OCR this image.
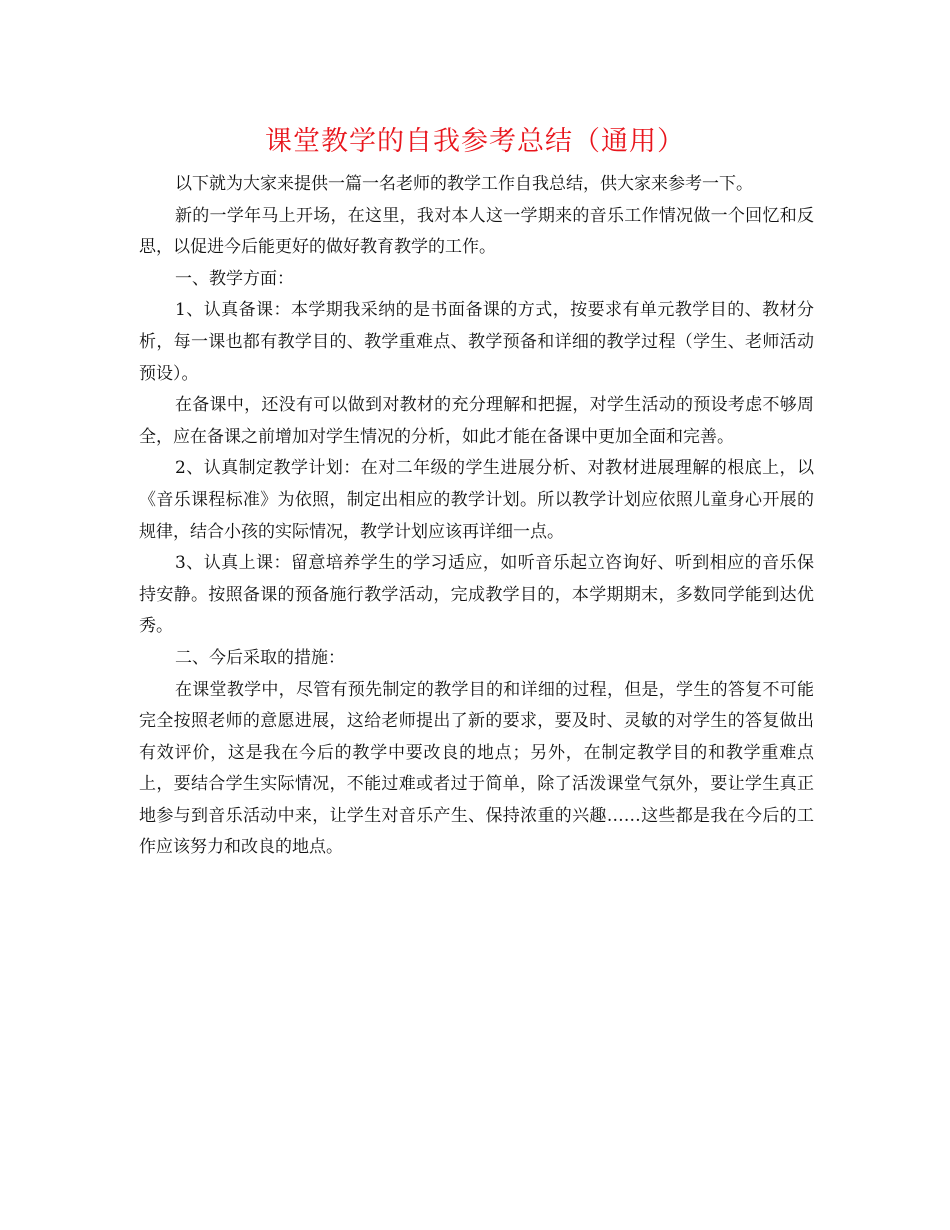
课堂教学的自我参考总结（通用）

以下就为大家来提供一篇一名老师的教学工作自我总结，供大家来参考一下。

新的一学年马上开场，在这里，我对本人这一学期来的音乐工作情况做一个回忆和反思，以促进今后能更好的做好教育教学的工作。

一、教学方面：

1、认真备课：本学期我采纳的是书面备课的方式，按要求有单元教学目的、教材分析，每一课也都有教学目的、教学重难点、教学预备和详细的教学过程（学生、老师活动预设）。

在备课中，还没有可以做到对教材的充分理解和把握，对学生活动的预设考虑不够周全，应在备课之前增加对学生情况的分析，如此才能在备课中更加全面和完善。

2、认真制定教学计划：在对二年级的学生进展分析、对教材进展理解的根底上，以《音乐课程标准》为依照，制定出相应的教学计划。所以教学计划应依照儿童身心开展的规律，结合小孩的实际情况，教学计划应该再详细一点。

3、认真上课：留意培养学生的学习适应，如听音乐起立咨询好、听到相应的音乐保持安静。按照备课的预备施行教学活动，完成教学目的，本学期期末，多数同学能到达优秀。

二、今后采取的措施：

在课堂教学中，尽管有预先制定的教学目的和详细的过程，但是，学生的答复不可能完全按照老师的意愿进展，这给老师提出了新的要求，要及时、灵敏的对学生的答复做出有效评价，这是我在今后的教学中要改良的地点；另外，在制定教学目的和教学重难点上，要结合学生实际情况，不能过难或者过于简单，除了活泼课堂气氛外，要让学生真正地参与到音乐活动中来，让学生对音乐产生、保持浓重的兴趣……这些都是我在今后的工作应该努力和改良的地点。
